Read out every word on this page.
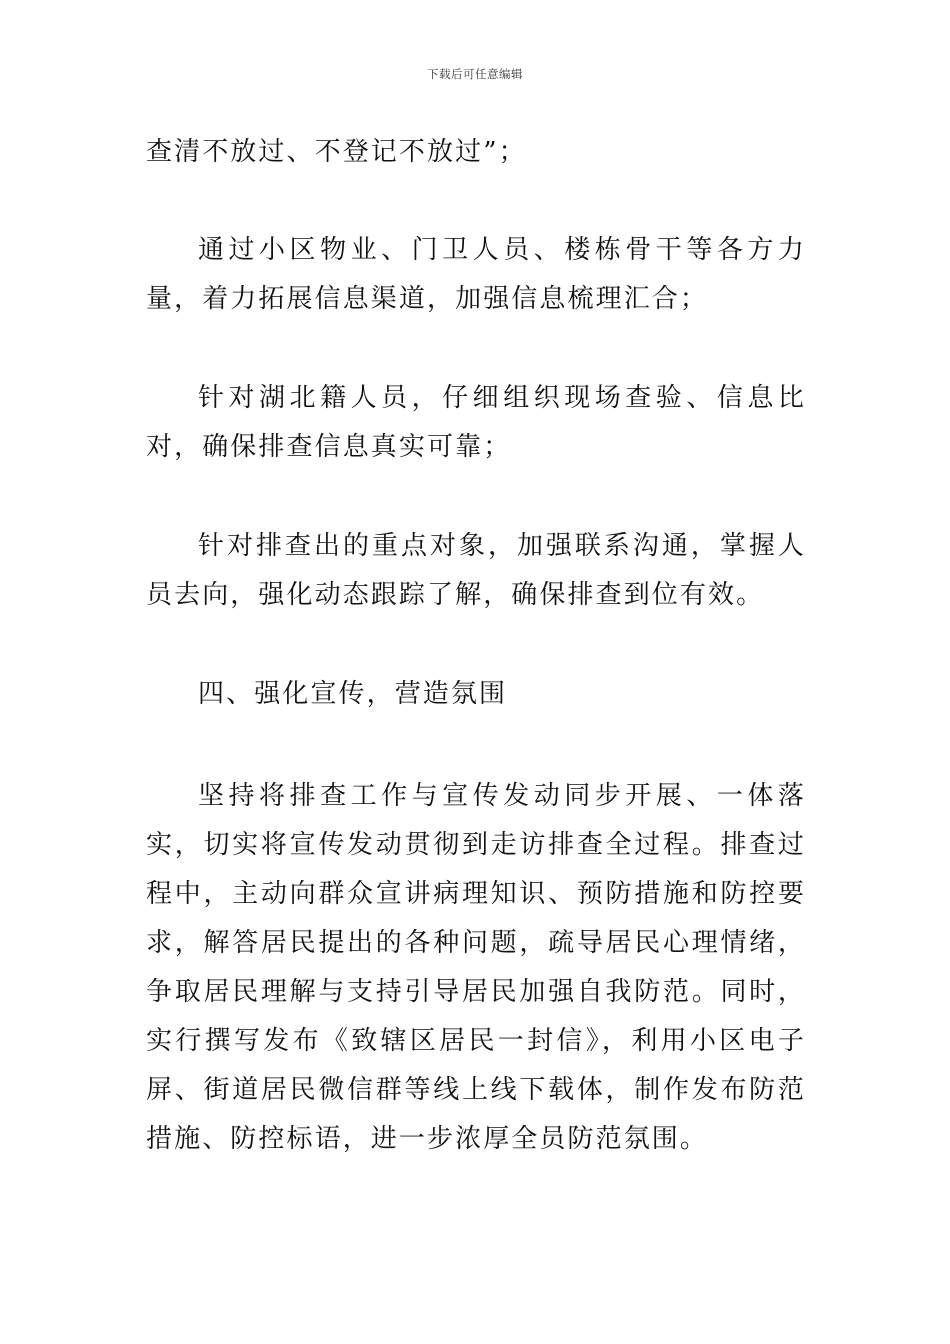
下载后可任意编辑

查清不放过、不登记不放过”；

通过小区物业、门卫人员、楼栋骨干等各方力量，着力拓展信息渠道，加强信息梳理汇合；

针对湖北籍人员，仔细组织现场查验、信息比对，确保排查信息真实可靠；

针对排查出的重点对象，加强联系沟通，掌握人员去向，强化动态跟踪了解，确保排查到位有效。

四、强化宣传，营造氛围

坚持将排查工作与宣传发动同步开展、一体落实，切实将宣传发动贯彻到走访排查全过程。排查过程中，主动向群众宣讲病理知识、预防措施和防控要求，解答居民提出的各种问题，疏导居民心理情绪，争取居民理解与支持引导居民加强自我防范。同时，实行撰写发布《致辖区居民一封信》，利用小区电子屏、街道居民微信群等线上线下载体，制作发布防范措施、防控标语，进一步浓厚全员防范氛围。
